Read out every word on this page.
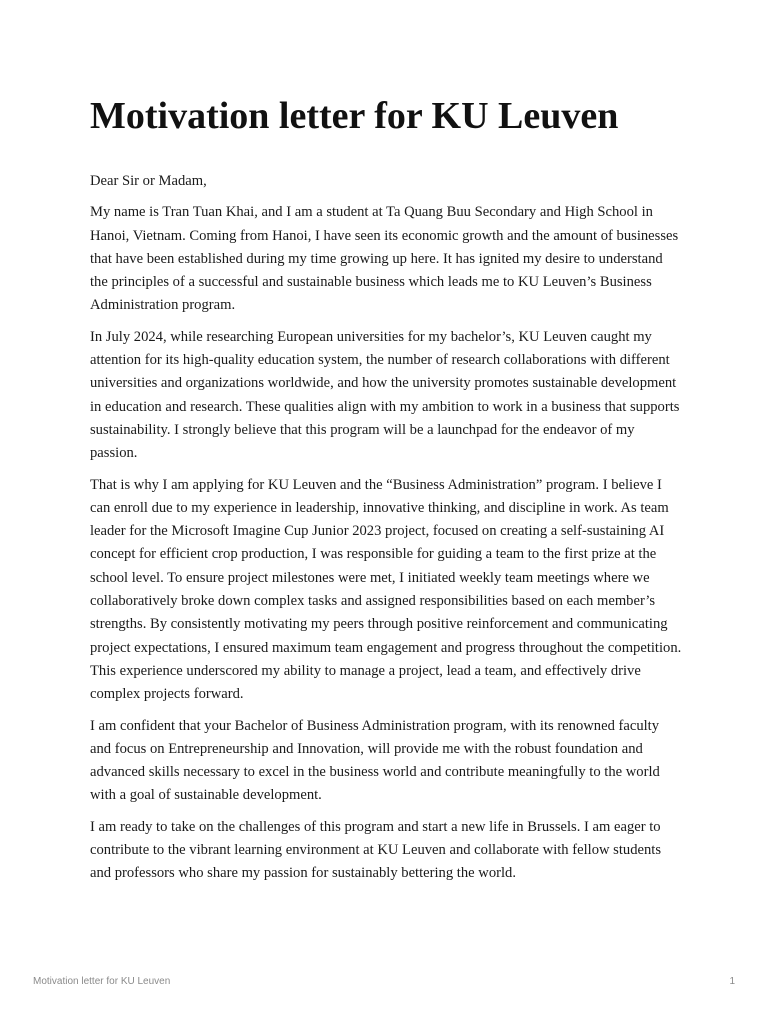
Motivation letter for KU Leuven

Dear Sir or Madam,

My name is Tran Tuan Khai, and I am a student at Ta Quang Buu Secondary and High School in Hanoi, Vietnam. Coming from Hanoi, I have seen its economic growth and the amount of businesses that have been established during my time growing up here. It has ignited my desire to understand the principles of a successful and sustainable business which leads me to KU Leuven’s Business Administration program.

In July 2024, while researching European universities for my bachelor’s, KU Leuven caught my attention for its high-quality education system, the number of research collaborations with different universities and organizations worldwide, and how the university promotes sustainable development in education and research. These qualities align with my ambition to work in a business that supports sustainability. I strongly believe that this program will be a launchpad for the endeavor of my passion.

That is why I am applying for KU Leuven and the “Business Administration” program. I believe I can enroll due to my experience in leadership, innovative thinking, and discipline in work. As team leader for the Microsoft Imagine Cup Junior 2023 project, focused on creating a self-sustaining AI concept for efficient crop production, I was responsible for guiding a team to the first prize at the school level. To ensure project milestones were met, I initiated weekly team meetings where we collaboratively broke down complex tasks and assigned responsibilities based on each member’s strengths. By consistently motivating my peers through positive reinforcement and communicating project expectations, I ensured maximum team engagement and progress throughout the competition. This experience underscored my ability to manage a project, lead a team, and effectively drive complex projects forward.

I am confident that your Bachelor of Business Administration program, with its renowned faculty and focus on Entrepreneurship and Innovation, will provide me with the robust foundation and advanced skills necessary to excel in the business world and contribute meaningfully to the world with a goal of sustainable development.

I am ready to take on the challenges of this program and start a new life in Brussels. I am eager to contribute to the vibrant learning environment at KU Leuven and collaborate with fellow students and professors who share my passion for sustainably bettering the world.

Motivation letter for KU Leuven	1
